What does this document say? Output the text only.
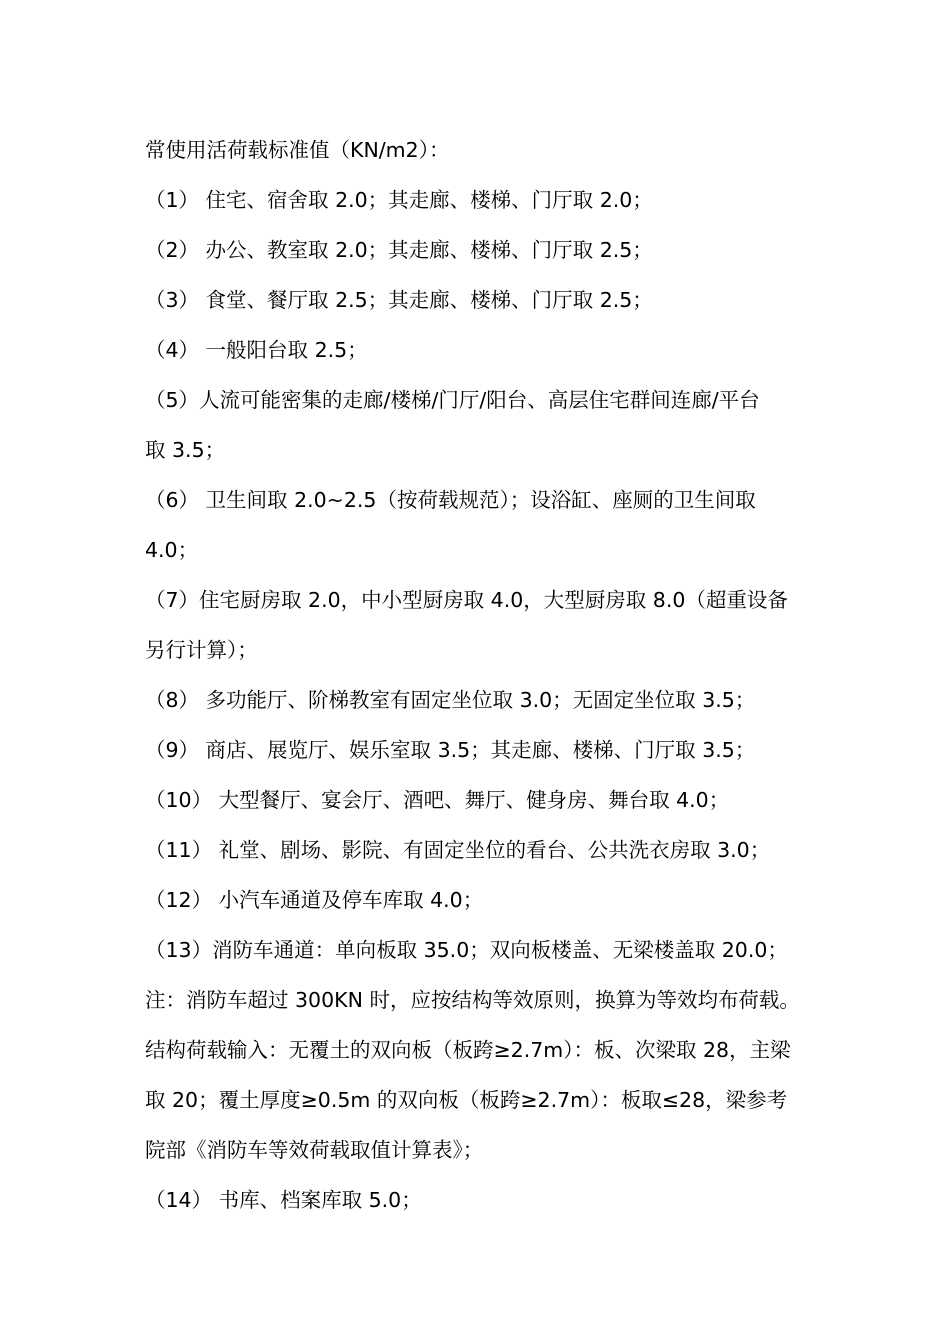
常使用活荷载标准值（KN/m2）：
（1） 住宅、宿舍取 2.0；其走廊、楼梯、门厅取 2.0；
（2） 办公、教室取 2.0；其走廊、楼梯、门厅取 2.5；
（3） 食堂、餐厅取 2.5；其走廊、楼梯、门厅取 2.5；
（4） 一般阳台取 2.5；
（5）人流可能密集的走廊/楼梯/门厅/阳台、高层住宅群间连廊/平台
取 3.5；
（6） 卫生间取 2.0~2.5（按荷载规范）；设浴缸、座厕的卫生间取
4.0；
（7）住宅厨房取 2.0，中小型厨房取 4.0，大型厨房取 8.0（超重设备
另行计算）；
（8） 多功能厅、阶梯教室有固定坐位取 3.0；无固定坐位取 3.5；
（9） 商店、展览厅、娱乐室取 3.5；其走廊、楼梯、门厅取 3.5；
（10） 大型餐厅、宴会厅、酒吧、舞厅、健身房、舞台取 4.0；
（11） 礼堂、剧场、影院、有固定坐位的看台、公共洗衣房取 3.0；
（12） 小汽车通道及停车库取 4.0；
（13）消防车通道：单向板取 35.0；双向板楼盖、无梁楼盖取 20.0；
注：消防车超过 300KN 时，应按结构等效原则，换算为等效均布荷载。
结构荷载输入：无覆土的双向板（板跨≥2.7m）：板、次梁取 28，主梁
取 20；覆土厚度≥0.5m 的双向板（板跨≥2.7m）：板取≤28，梁参考
院部《消防车等效荷载取值计算表》；
（14） 书库、档案库取 5.0；
